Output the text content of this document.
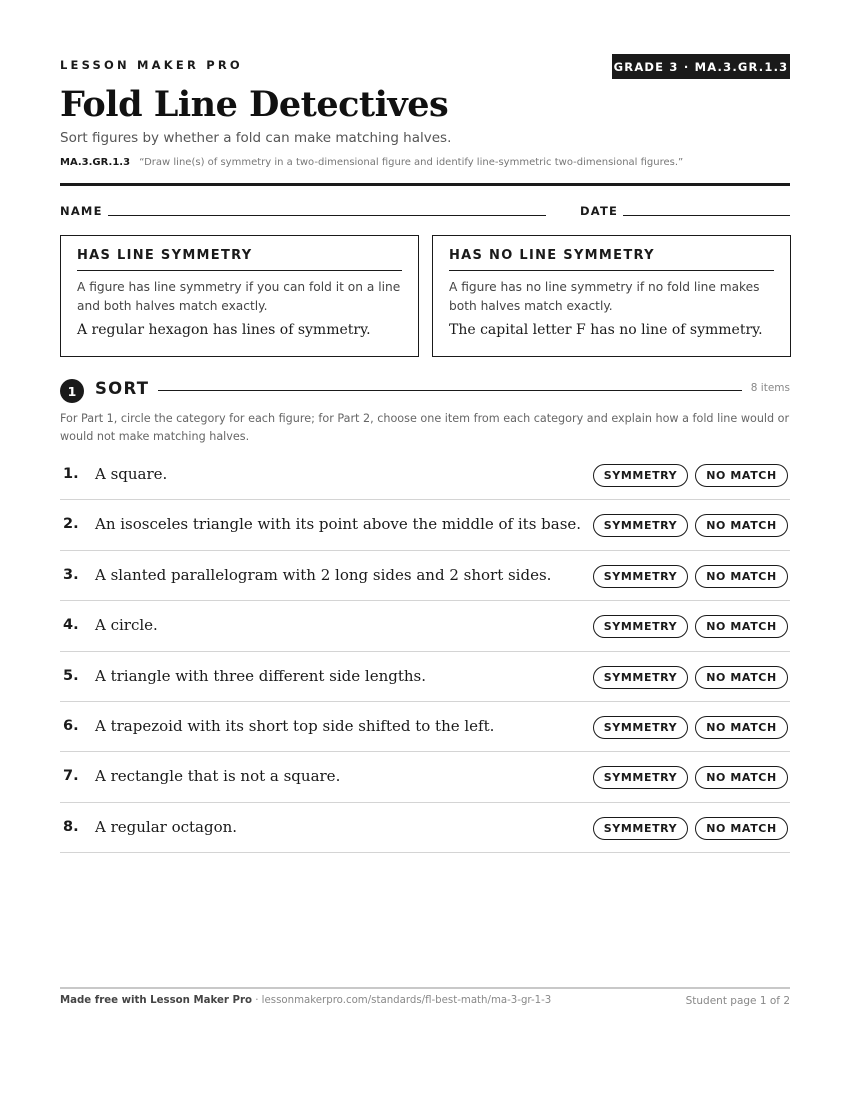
LESSON MAKER PRO	GRADE 3 · MA.3.GR.1.3
Fold Line Detectives
Sort figures by whether a fold can make matching halves.
MA.3.GR.1.3 “Draw line(s) of symmetry in a two-dimensional figure and identify line-symmetric two-dimensional figures.”
NAME	DATE
HAS LINE SYMMETRY
A figure has line symmetry if you can fold it on a line and both halves match exactly.
A regular hexagon has lines of symmetry.
HAS NO LINE SYMMETRY
A figure has no line symmetry if no fold line makes both halves match exactly.
The capital letter F has no line of symmetry.
1	SORT	8 items
For Part 1, circle the category for each figure; for Part 2, choose one item from each category and explain how a fold line would or would not make matching halves.
1. A square.	SYMMETRY	NO MATCH
2. An isosceles triangle with its point above the middle of its base.	SYMMETRY	NO MATCH
3. A slanted parallelogram with 2 long sides and 2 short sides.	SYMMETRY	NO MATCH
4. A circle.	SYMMETRY	NO MATCH
5. A triangle with three different side lengths.	SYMMETRY	NO MATCH
6. A trapezoid with its short top side shifted to the left.	SYMMETRY	NO MATCH
7. A rectangle that is not a square.	SYMMETRY	NO MATCH
8. A regular octagon.	SYMMETRY	NO MATCH
Made free with Lesson Maker Pro · lessonmakerpro.com/standards/fl-best-math/ma-3-gr-1-3	Student page 1 of 2
